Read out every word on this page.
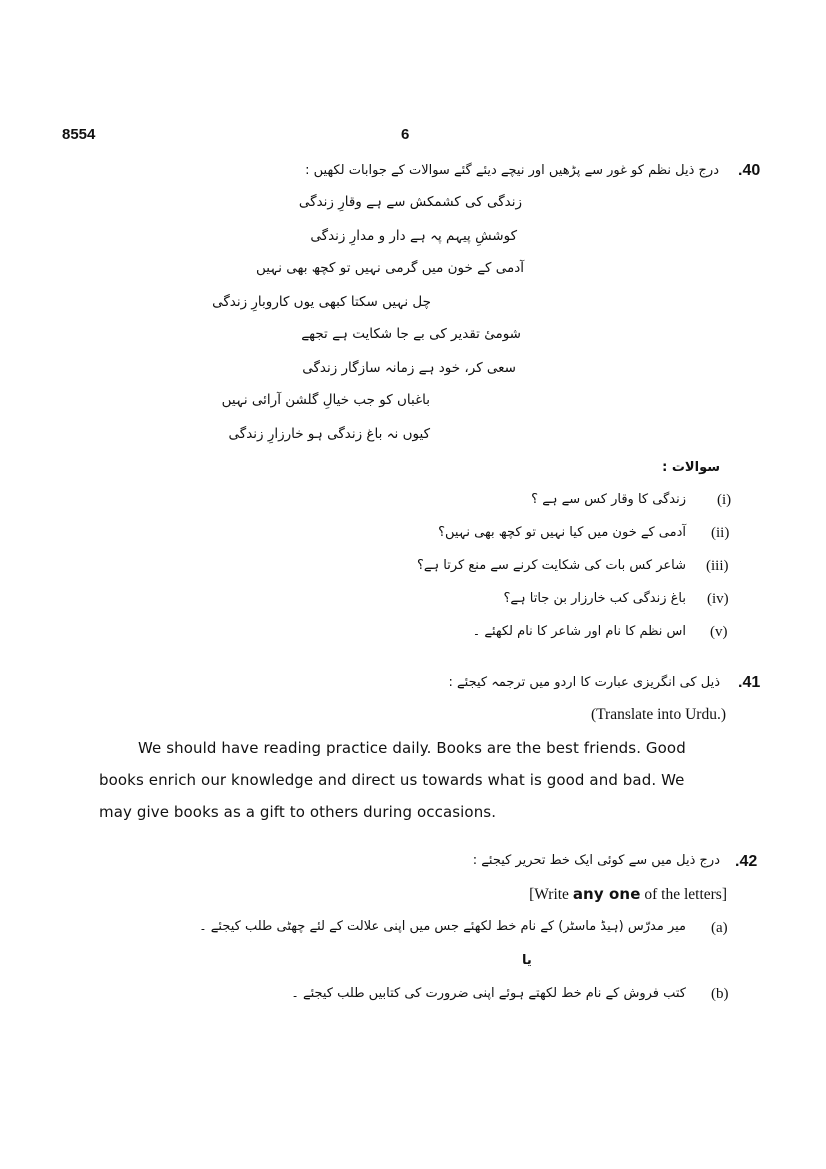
8554	6
.40
درج ذیل نظم کو غور سے پڑھیں اور نیچے دیئے گئے سوالات کے جوابات لکھیں :
زندگی کی کشمکش سے ہے وقارِ زندگی
کوششِ پیہم پہ ہے دار و مدارِ زندگی
آدمی کے خون میں گرمی نہیں تو کچھ بھی نہیں
چل نہیں سکتا کبھی یوں کاروبارِ زندگی
شومیٔ تقدیر کی بے جا شکایت ہے تجھے
سعی کر، خود ہے زمانہ سازگار زندگی
باغباں کو جب خیالِ گلشن آرائی نہیں
کیوں نہ باغ زندگی ہو خارزارِ زندگی
سوالات :
(i)
زندگی کا وقار کس سے ہے ؟
(ii)
آدمی کے خون میں کیا نہیں تو کچھ بھی نہیں؟
(iii)
شاعر کس بات کی شکایت کرنے سے منع کرتا ہے؟
(iv)
باغ زندگی کب خارزار بن جاتا ہے؟
(v)
اس نظم کا نام اور شاعر کا نام لکھئے ۔
.41
ذیل کی انگریزی عبارت کا اردو میں ترجمہ کیجئے :
(Translate into Urdu.)
We should have reading practice daily. Books are the best friends. Good
books enrich our knowledge and direct us towards what is good and bad. We
may give books as a gift to others during occasions.
.42
درج ذیل میں سے کوئی ایک خط تحریر کیجئے :
[Write any one of the letters]
(a)
میر مدرّس (ہیڈ ماسٹر) کے نام خط لکھئے جس میں اپنی علالت کے لئے چھٹی طلب کیجئے ۔
یا
(b)
کتب فروش کے نام خط لکھتے ہوئے اپنی ضرورت کی کتابیں طلب کیجئے ۔
